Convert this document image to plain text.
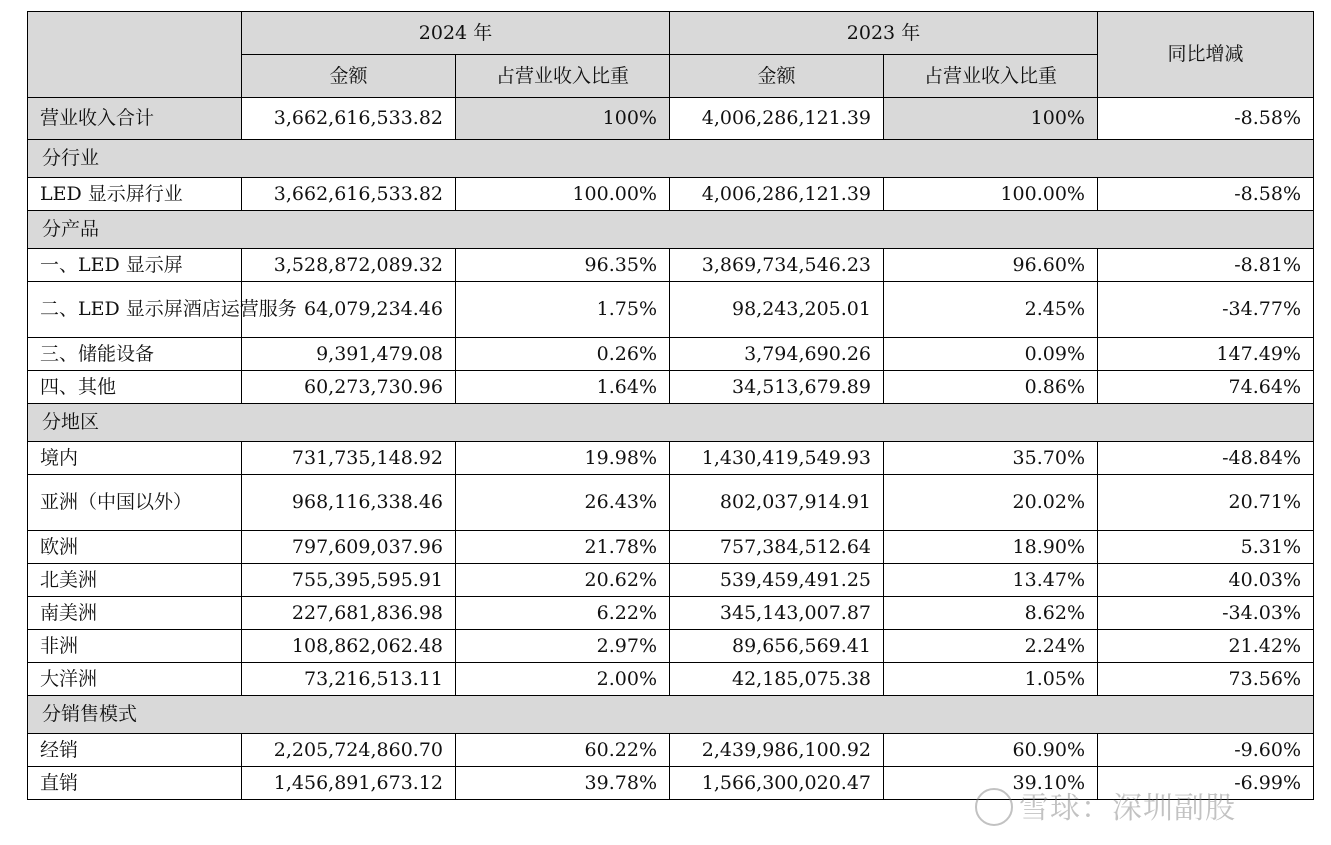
	2024 年		2023 年		同比增减
	金额	占营业收入比重	金额	占营业收入比重	
营业收入合计	3,662,616,533.82	100%	4,006,286,121.39	100%	-8.58%
分行业					
LED 显示屏行业	3,662,616,533.82	100.00%	4,006,286,121.39	100.00%	-8.58%
分产品					
一、LED 显示屏	3,528,872,089.32	96.35%	3,869,734,546.23	96.60%	-8.81%
二、LED 显示屏酒店运营服务	64,079,234.46	1.75%	98,243,205.01	2.45%	-34.77%
三、储能设备	9,391,479.08	0.26%	3,794,690.26	0.09%	147.49%
四、其他	60,273,730.96	1.64%	34,513,679.89	0.86%	74.64%
分地区					
境内	731,735,148.92	19.98%	1,430,419,549.93	35.70%	-48.84%
亚洲（中国以外）	968,116,338.46	26.43%	802,037,914.91	20.02%	20.71%
欧洲	797,609,037.96	21.78%	757,384,512.64	18.90%	5.31%
北美洲	755,395,595.91	20.62%	539,459,491.25	13.47%	40.03%
南美洲	227,681,836.98	6.22%	345,143,007.87	8.62%	-34.03%
非洲	108,862,062.48	2.97%	89,656,569.41	2.24%	21.42%
大洋洲	73,216,513.11	2.00%	42,185,075.38	1.05%	73.56%
分销售模式					
经销	2,205,724,860.70	60.22%	2,439,986,100.92	60.90%	-9.60%
直销	1,456,891,673.12	39.78%	1,566,300,020.47	39.10%	-6.99%
雪球：深圳副股
